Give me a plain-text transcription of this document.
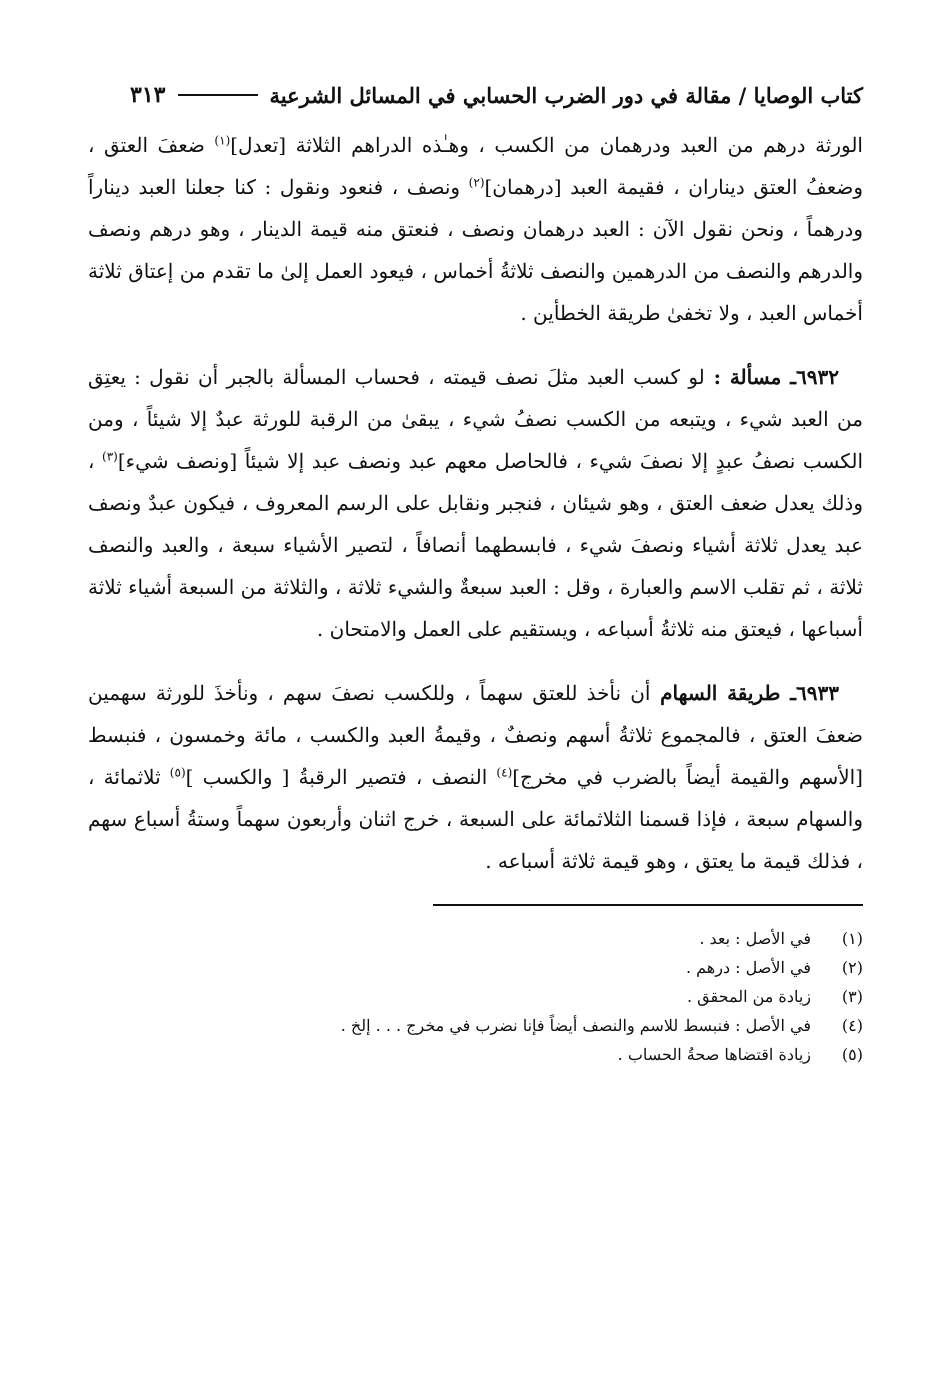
كتاب الوصايا / مقالة في دور الضرب الحسابي في المسائل الشرعية
٣١٣

الورثة درهم من العبد ودرهمان من الكسب ، وهـٰذه الدراهم الثلاثة [تعدل]$^{(١)}$ ضعفَ العتق ، وضعفُ العتق ديناران ، فقيمة العبد [درهمان]$^{(٢)}$ ونصف ، فنعود ونقول : كنا جعلنا العبد ديناراً ودرهماً ، ونحن نقول الآن : العبد درهمان ونصف ، فنعتق منه قيمة الدينار ، وهو درهم ونصف والدرهم والنصف من الدرهمين والنصف ثلاثةُ أخماس ، فيعود العمل إلىٰ ما تقدم من إعتاق ثلاثة أخماس العبد ، ولا تخفىٰ طريقة الخطأين .

٦٩٣٢ـ مسألة : لو كسب العبد مثلَ نصف قيمته ، فحساب المسألة بالجبر أن نقول : يعتِق من العبد شيء ، ويتبعه من الكسب نصفُ شيء ، يبقىٰ من الرقبة للورثة عبدٌ إلا شيئاً ، ومن الكسب نصفُ عبدٍ إلا نصفَ شيء ، فالحاصل معهم عبد ونصف عبد إلا شيئاً [ونصف شيء]$^{(٣)}$ ، وذلك يعدل ضعف العتق ، وهو شيئان ، فنجبر ونقابل على الرسم المعروف ، فيكون عبدٌ ونصف عبد يعدل ثلاثة أشياء ونصفَ شيء ، فابسطهما أنصافاً ، لتصير الأشياء سبعة ، والعبد والنصف ثلاثة ، ثم تقلب الاسم والعبارة ، وقل : العبد سبعةٌ والشيء ثلاثة ، والثلاثة من السبعة أشياء ثلاثة أسباعها ، فيعتق منه ثلاثةُ أسباعه ، ويستقيم على العمل والامتحان .

٦٩٣٣ـ طريقة السهام أن نأخذ للعتق سهماً ، وللكسب نصفَ سهم ، ونأخذَ للورثة سهمين ضعفَ العتق ، فالمجموع ثلاثةُ أسهم ونصفٌ ، وقيمةُ العبد والكسب ، مائة وخمسون ، فنبسط [الأسهم والقيمة أيضاً بالضرب في مخرج]$^{(٤)}$ النصف ، فتصير الرقبةُ [ والكسب ]$^{(٥)}$ ثلاثمائة ، والسهام سبعة ، فإذا قسمنا الثلاثمائة على السبعة ، خرج اثنان وأربعون سهماً وستةُ أسباع سهم ، فذلك قيمة ما يعتق ، وهو قيمة ثلاثة أسباعه .

(١)
في الأصل : بعد .
(٢)
في الأصل : درهم .
(٣)
زيادة من المحقق .
(٤)
في الأصل : فنبسط للاسم والنصف أيضاً فإنا نضرب في مخرج . . . إلخ .
(٥)
زيادة اقتضاها صحةُ الحساب .
